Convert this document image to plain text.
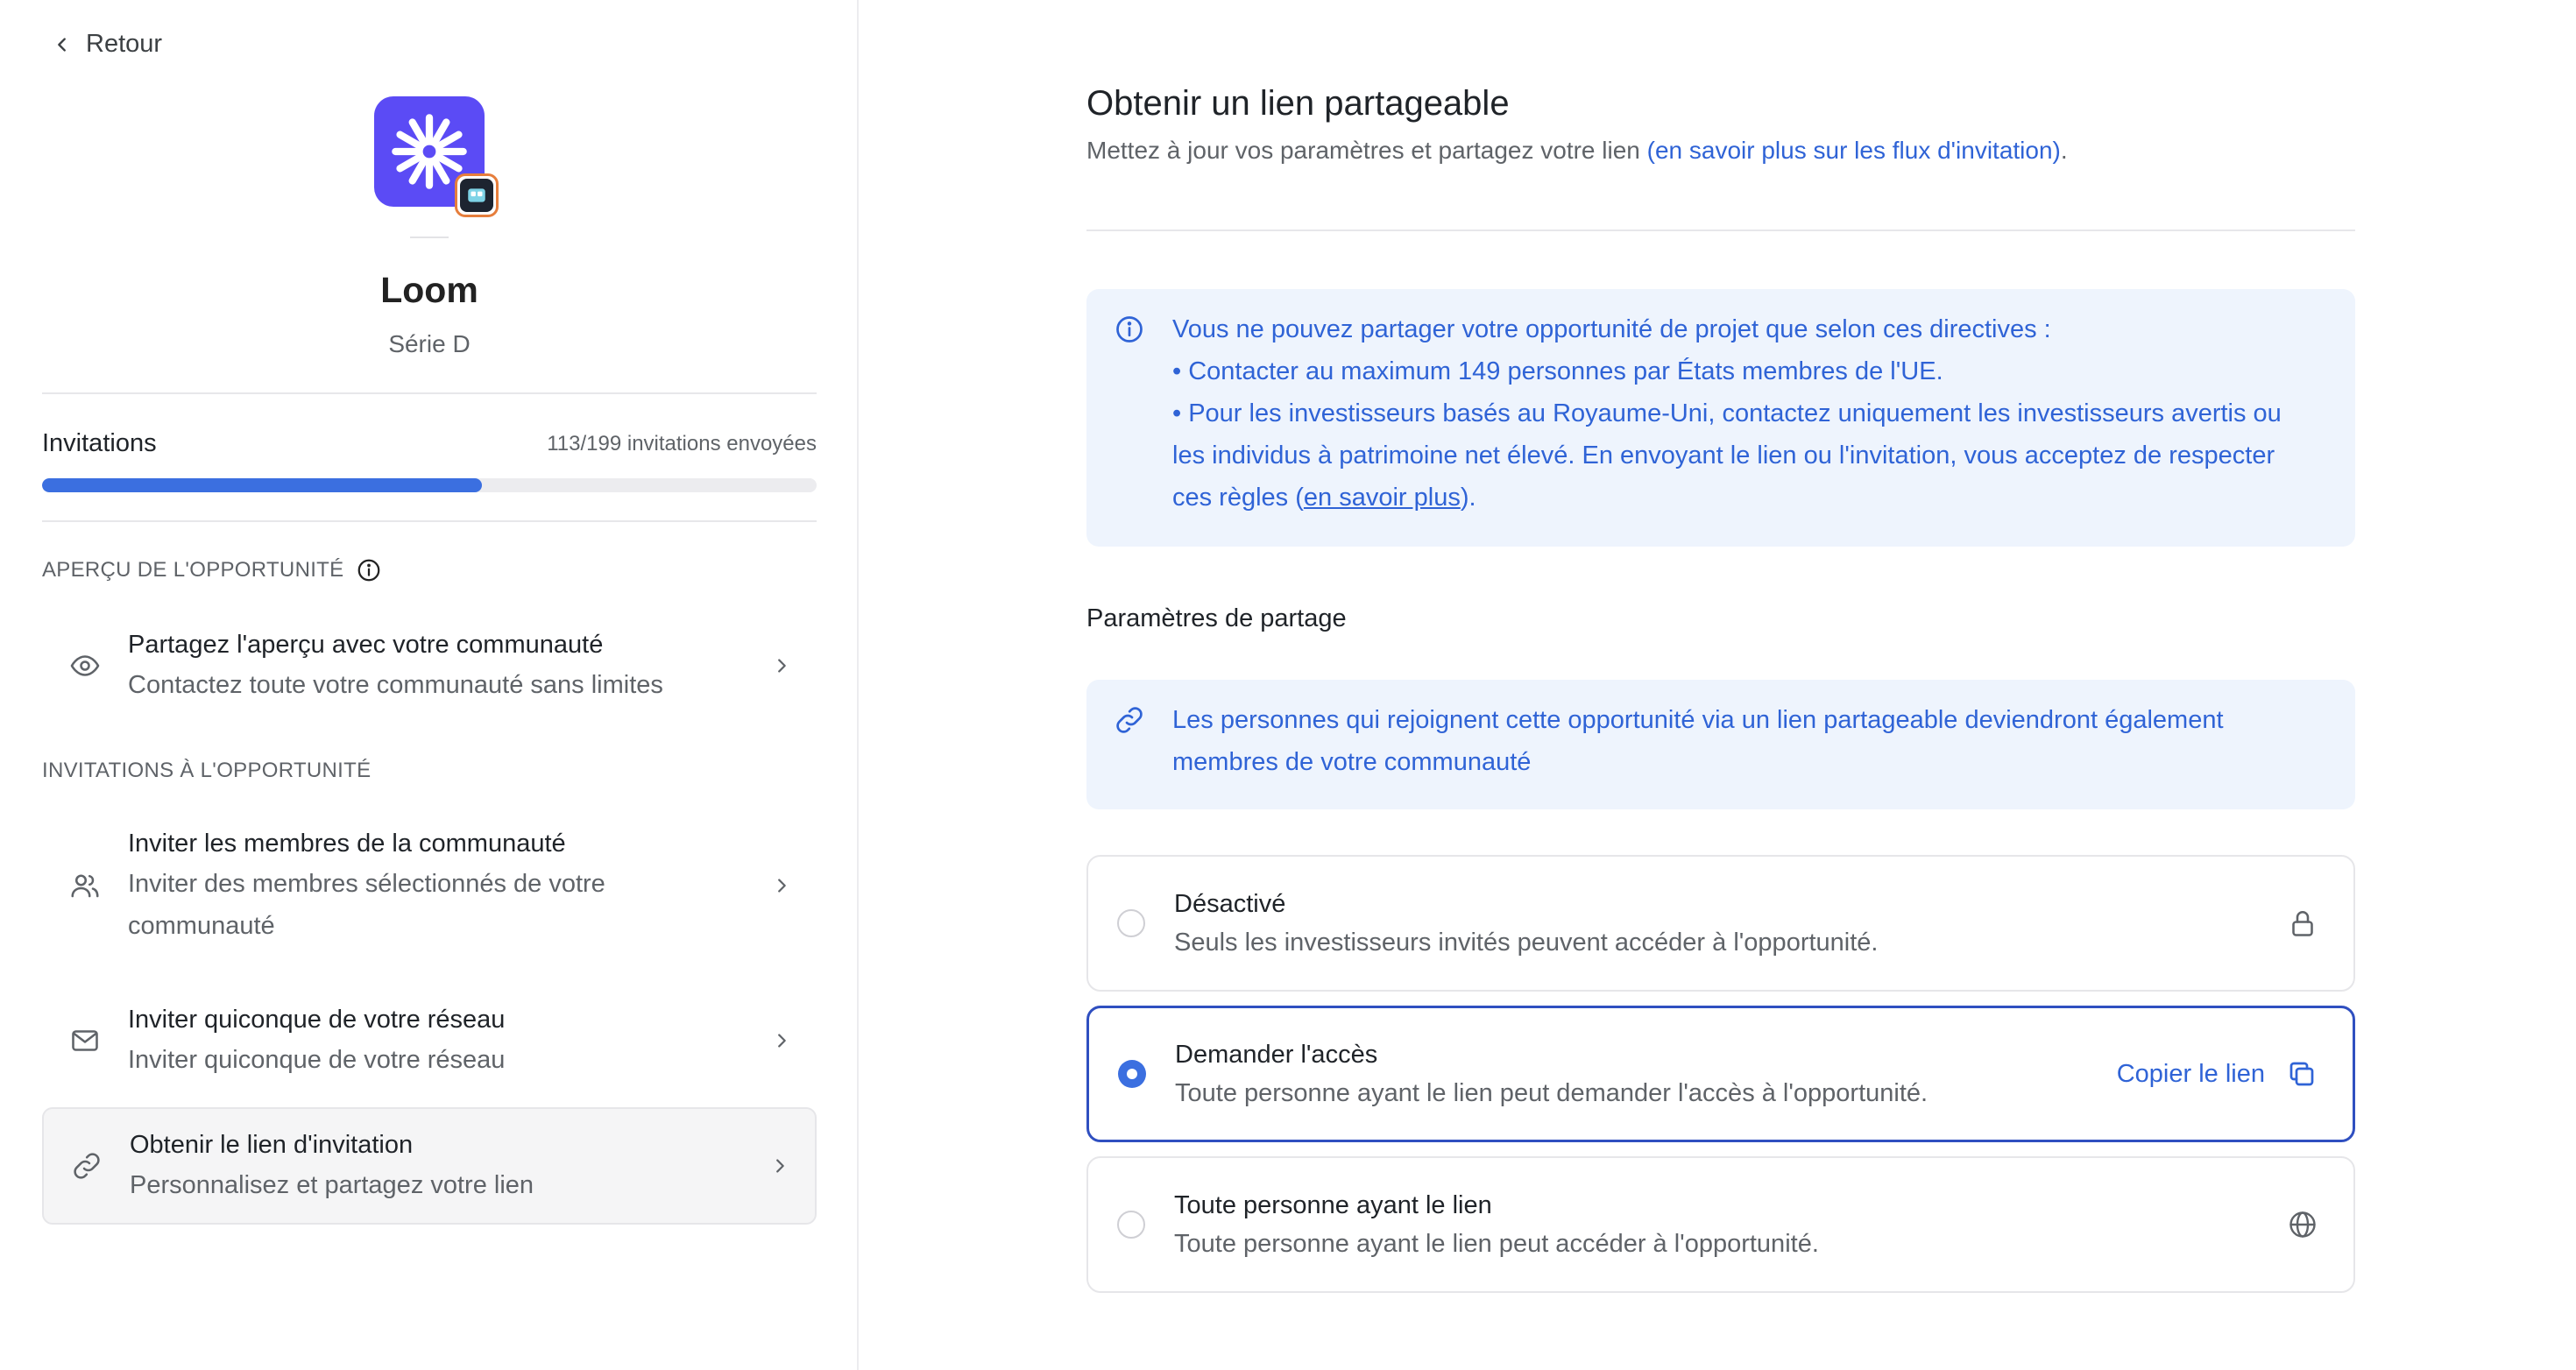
Retour
Loom
Série D
Invitations	113/199 invitations envoyées
APERÇU DE L'OPPORTUNITÉ
Partagez l'aperçu avec votre communauté
Contactez toute votre communauté sans limites
INVITATIONS À L'OPPORTUNITÉ
Inviter les membres de la communauté
Inviter des membres sélectionnés de votre
communauté
Inviter quiconque de votre réseau
Inviter quiconque de votre réseau
Obtenir le lien d'invitation
Personnalisez et partagez votre lien
Obtenir un lien partageable
Mettez à jour vos paramètres et partagez votre lien (en savoir plus sur les flux d'invitation).
Vous ne pouvez partager votre opportunité de projet que selon ces directives :
• Contacter au maximum 149 personnes par États membres de l'UE.
• Pour les investisseurs basés au Royaume-Uni, contactez uniquement les investisseurs avertis ou
les individus à patrimoine net élevé. En envoyant le lien ou l'invitation, vous acceptez de respecter
ces règles (en savoir plus).
Paramètres de partage
Les personnes qui rejoignent cette opportunité via un lien partageable deviendront également
membres de votre communauté
Désactivé
Seuls les investisseurs invités peuvent accéder à l'opportunité.
Demander l'accès
Toute personne ayant le lien peut demander l'accès à l'opportunité.
Copier le lien
Toute personne ayant le lien
Toute personne ayant le lien peut accéder à l'opportunité.
